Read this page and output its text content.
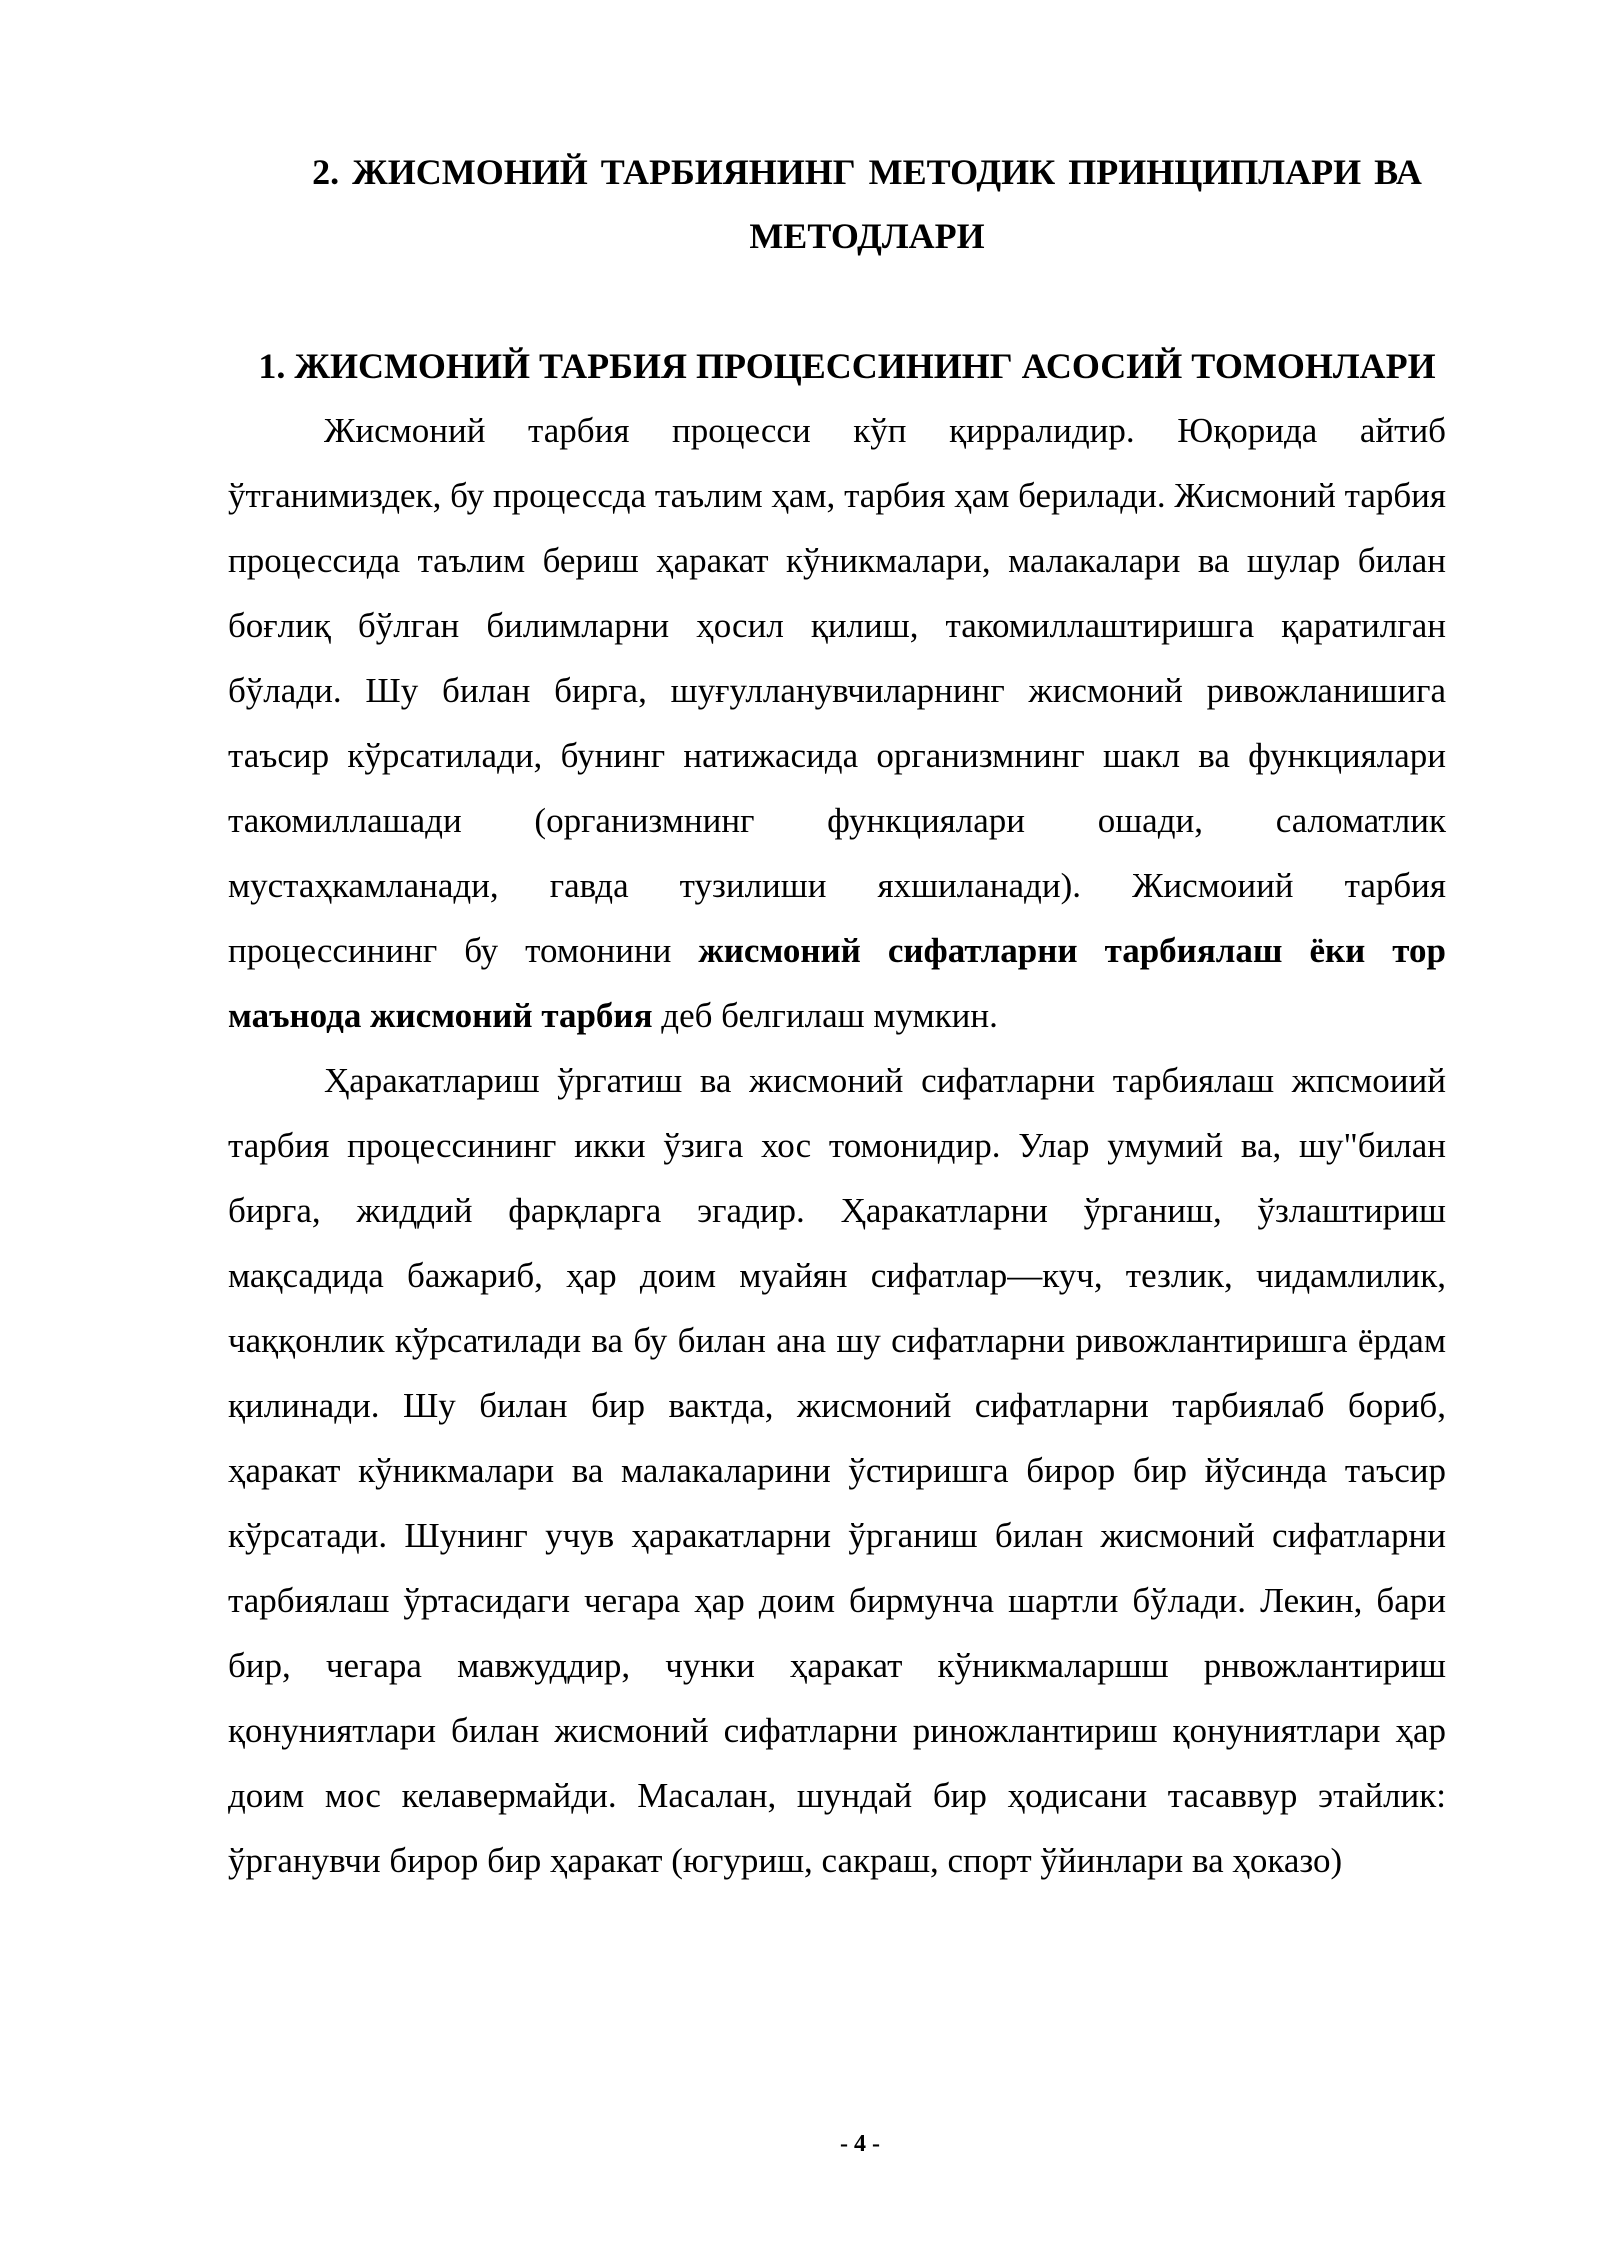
2. ЖИСМОНИЙ ТАРБИЯНИНГ МЕТОДИК ПРИНЦИПЛАРИ ВА МЕТОДЛАРИ
1. ЖИСМОНИЙ ТАРБИЯ ПРОЦЕССИНИНГ АСОСИЙ ТОМОНЛАРИ

Жисмоний тарбия процесси кўп қирралидир. Юқорида айтиб ўтганимиздек, бу процессда таълим ҳам, тарбия ҳам берилади. Жисмоний тарбия процессида таълим бериш ҳаракат кўникмалари, малакалари ва шулар билан боғлиқ бўлган билимларни ҳосил қилиш, такомиллаштиришга қаратилган бўлади. Шу билан бирга, шуғулланувчиларнинг жисмоний ривожланишига таъсир кўрсатилади, бунинг натижасида организмнинг шакл ва функциялари такомиллашади (организмнинг функциялари ошади, саломатлик мустаҳкамланади, гавда тузилиши яхшиланади). Жисмоиий тарбия процессининг бу томонини жисмоний сифатларни тарбиялаш ёки тор маънода жисмоний тарбия деб белгилаш мумкин.

Ҳаракатлариш ўргатиш ва жисмоний сифатларни тарбиялаш жпсмоиий тарбия процессининг икки ўзига хос томонидир. Улар умумий ва, шу"билан бирга, жиддий фарқларга эгадир. Ҳаракатларни ўрганиш, ўзлаштириш мақсадида бажариб, ҳар доим муайян сифатлар—куч, тезлик, чидамлилик, чаққонлик кўрсатилади ва бу билан ана шу сифатларни ривожлантиришга ёрдам қилинади. Шу билан бир вактда, жисмоний сифатларни тарбиялаб бориб, ҳаракат кўникмалари ва малакаларини ўстиришга бирор бир йўсинда таъсир кўрсатади. Шунинг учув ҳаракатларни ўрганиш билан жисмоний сифатларни тарбиялаш ўртасидаги чегара ҳар доим бирмунча шартли бўлади. Лекин, бари бир, чегара мавжуддир, чунки ҳаракат кўникмаларшш рнвожлантириш қонуниятлари билан жисмоний сифатларни риножлантириш қонуниятлари ҳар доим мос келавермайди. Масалан, шундай бир ҳодисани тасаввур этайлик: ўрганувчи бирор бир ҳаракат (югуриш, сакраш, спорт ўйинлари ва ҳоказо)

- 4 -
